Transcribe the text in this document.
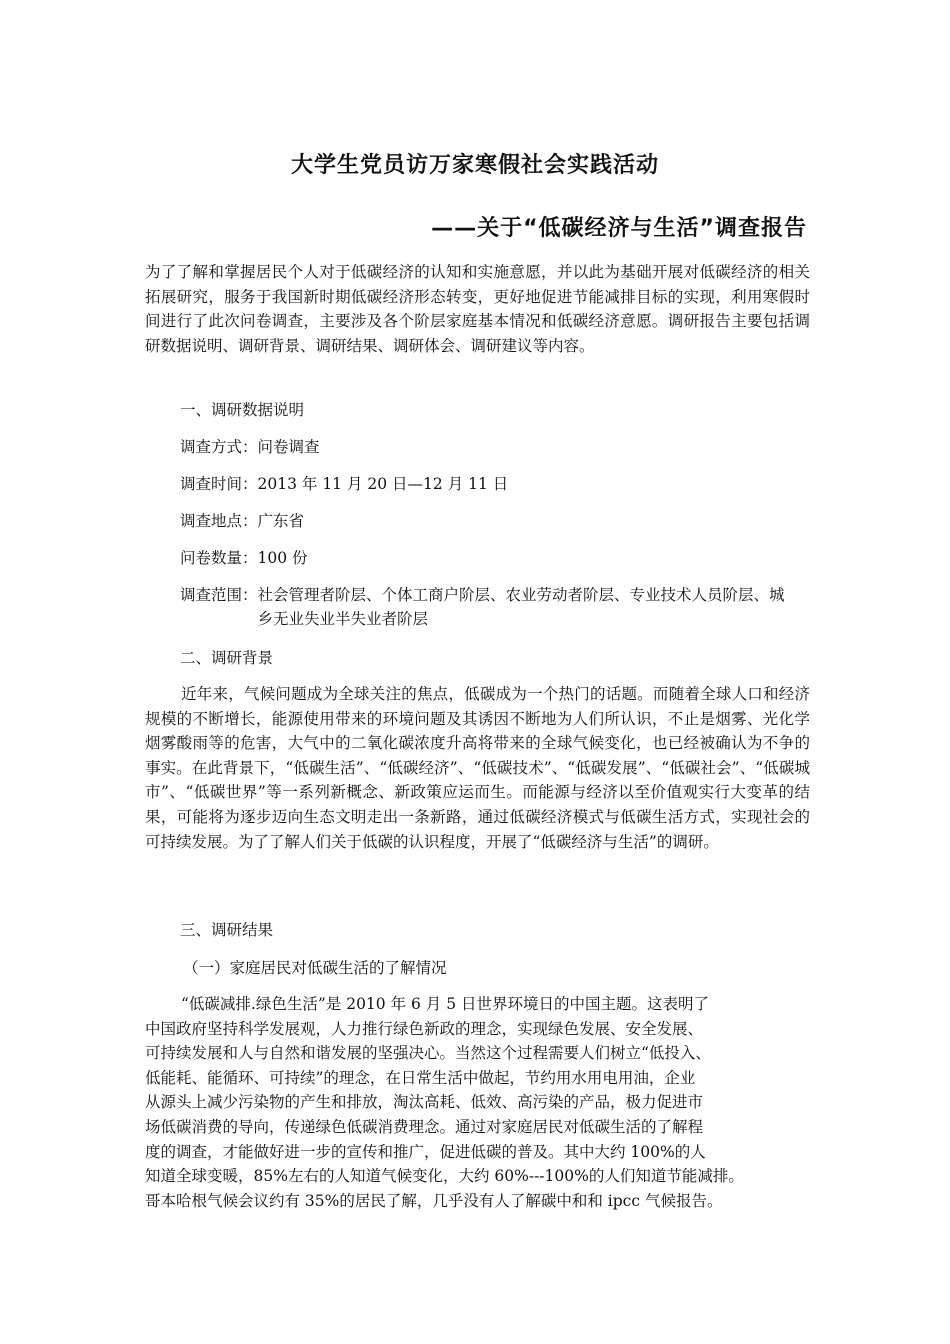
大学生党员访万家寒假社会实践活动
——关于“低碳经济与生活”调查报告
为了了解和掌握居民个人对于低碳经济的认知和实施意愿，并以此为基础开展对低碳经济的相关拓展研究，服务于我国新时期低碳经济形态转变，更好地促进节能减排目标的实现，利用寒假时间进行了此次问卷调查，主要涉及各个阶层家庭基本情况和低碳经济意愿。调研报告主要包括调研数据说明、调研背景、调研结果、调研体会、调研建议等内容。
一、调研数据说明
调查方式：问卷调查
调查时间：2013 年 11 月 20 日—12 月 11 日
调查地点：广东省
问卷数量：100 份
调查范围： 社会管理者阶层、个体工商户阶层、农业劳动者阶层、专业技术人员阶层、城乡无业失业半失业者阶层
二、调研背景
近年来，气候问题成为全球关注的焦点，低碳成为一个热门的话题。而随着全球人口和经济规模的不断增长，能源使用带来的环境问题及其诱因不断地为人们所认识，不止是烟雾、光化学烟雾酸雨等的危害，大气中的二氧化碳浓度升高将带来的全球气候变化，也已经被确认为不争的事实。在此背景下，“低碳生活”、“低碳经济”、“低碳技术”、“低碳发展”、“低碳社会”、“低碳城市”、“低碳世界”等一系列新概念、新政策应运而生。而能源与经济以至价值观实行大变革的结果，可能将为逐步迈向生态文明走出一条新路，通过低碳经济模式与低碳生活方式，实现社会的可持续发展。为了了解人们关于低碳的认识程度，开展了“低碳经济与生活”的调研。
三、调研结果
（一）家庭居民对低碳生活的了解情况
“低碳减排.绿色生活”是 2010 年 6 月 5 日世界环境日的中国主题。这表明了
中国政府坚持科学发展观，人力推行绿色新政的理念，实现绿色发展、安全发展、
可持续发展和人与自然和谐发展的坚强决心。当然这个过程需要人们树立“低投入、
低能耗、能循环、可持续”的理念，在日常生活中做起，节约用水用电用油，企业
从源头上减少污染物的产生和排放，淘汰高耗、低效、高污染的产品，极力促进市
场低碳消费的导向，传递绿色低碳消费理念。通过对家庭居民对低碳生活的了解程
度的调查，才能做好进一步的宣传和推广，促进低碳的普及。其中大约 100%的人
知道全球变暖，85%左右的人知道气候变化，大约 60%---100%的人们知道节能减排。
哥本哈根气候会议约有 35%的居民了解，几乎没有人了解碳中和和 ipcc 气候报告。
